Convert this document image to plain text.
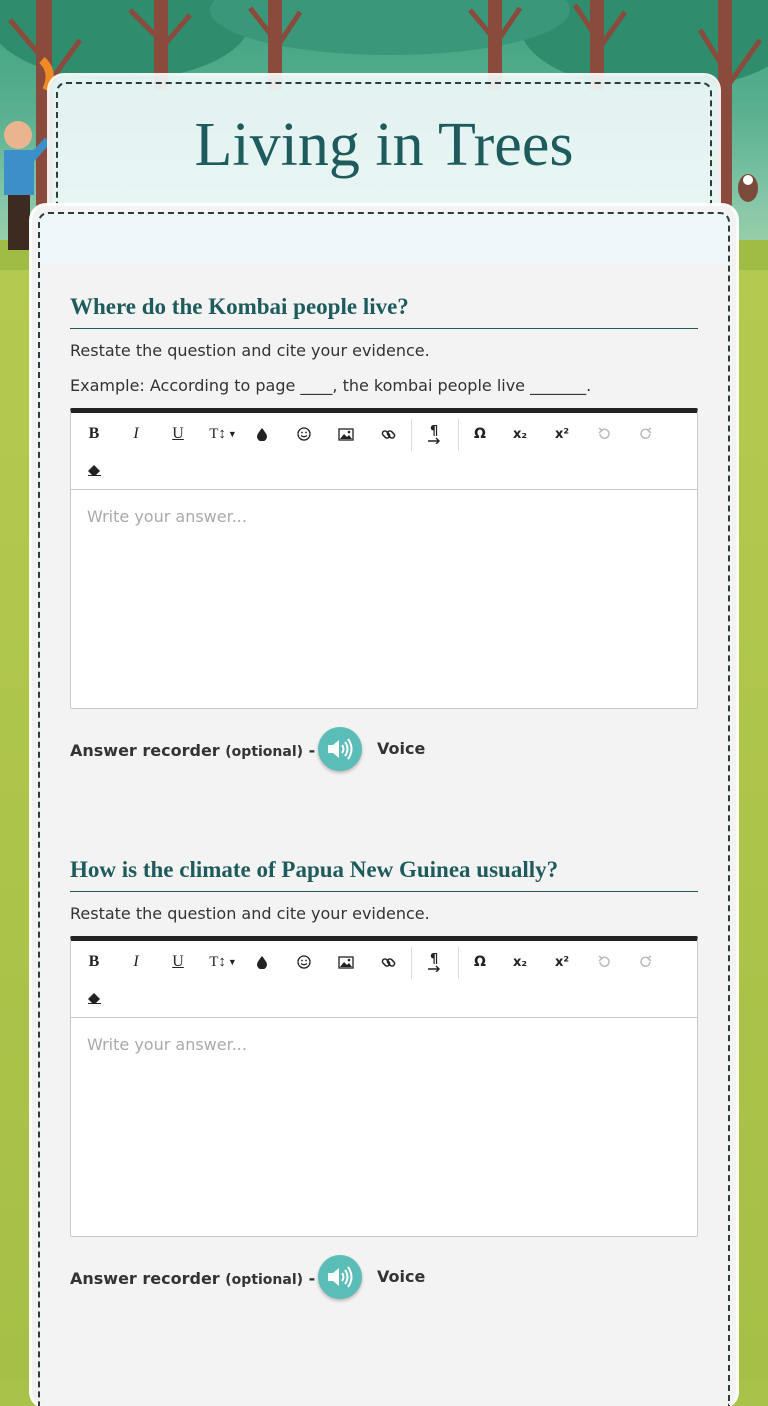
Living in Trees
Where do the Kombai people live?
Restate the question and cite your evidence.
Example: According to page ____, the kombai people live _______.
B	I	U	T↕ ▼	¶	Ω	x₂	x²
Write your answer...
Answer recorder (optional) -	Voice
How is the climate of Papua New Guinea usually?
Restate the question and cite your evidence.
B	I	U	T↕ ▼	¶	Ω	x₂	x²
Write your answer...
Answer recorder (optional) -	Voice
